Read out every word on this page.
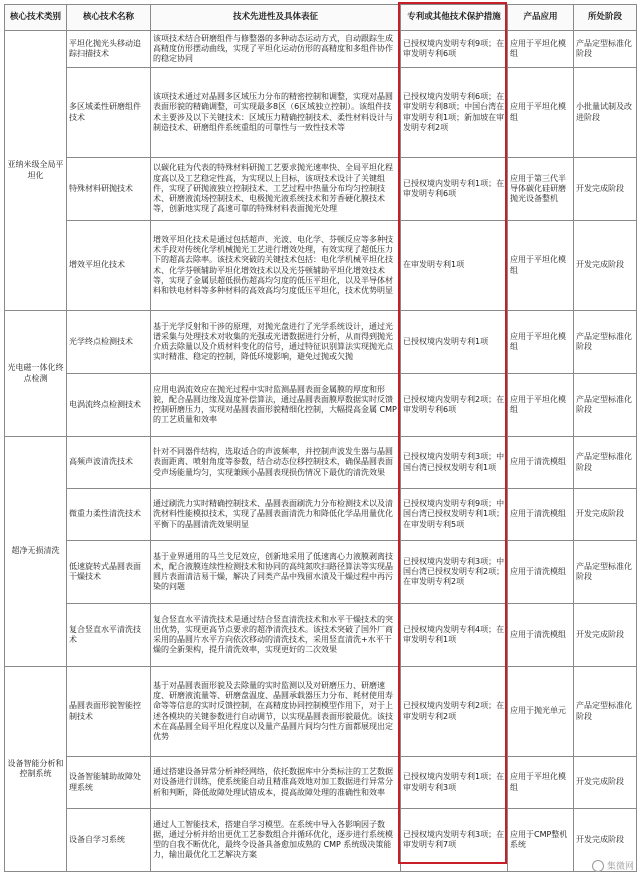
核心技术类别	核心技术名称	技术先进性及具体表征	专利或其他技术保护措施	产品应用	所处阶段
亚纳米级全局平坦化	平坦化抛光头移动追踪扫描技术	该项技术结合研磨组件与修整器的多种动态运动方式，自动跟踪生成高精度仿形摆动曲线，实现了平坦化运动仿形的高精度和多组件协作的稳定协同	已授权境内发明专利9项；在审发明专利6项	应用于平坦化模组	产品定型标准化阶段
	多区域柔性研磨组件技术	该项技术通过对晶圆多区域压力分布的精密控制和调整，实现对晶圆表面形貌的精确调整，可实现最多8区（6区域独立控制）。该组件技术主要涉及以下关键技术：区域压力精确控制技术、柔性材料设计与制造技术、研磨组件系统重组的可靠性与一致性技术等	已授权境内发明专利6项；在审发明专利8项；中国台湾在审发明专利1项；新加坡在审发明专利2项	应用于平坦化模组	小批量试制及改进阶段
	特殊材料研抛技术	以碳化硅为代表的特殊材料研抛工艺要求抛光速率快、全局平坦化程度高以及工艺稳定性高，为实现以上目标，该项技术设计了关键组件，实现了研抛液独立控制技术、工艺过程中热量分布均匀控制技术、研磨液流场控制技术、电极抛光液系统技术和芳香硬化膜技术等，创新地实现了高速可靠的特殊材料表面抛光处理	已授权境内发明专利1项；在审发明专利6项	应用于第三代半导体碳化硅研磨抛光设备整机	开发完成阶段
	增效平坦化技术	增效平坦化技术是通过包括超声、光波、电化学、芬顿反应等多种技术手段对传统化学机械抛光工艺进行增效处理，有效实现了超低压力下的超高去除率。该技术突破的关键技术包括：电化学机械平坦化技术、化学芬顿辅助平坦化增效技术以及光芬顿辅助平坦化增效技术等，实现了金属层超低损伤超高均匀度的低压平坦化，以及半导体材料和铁电材料等多种材料的高效高均匀度低压平坦化，技术优势明显	在审发明专利1项	应用于平坦化模组	开发完成阶段
光电磁一体化终点检测	光学终点检测技术	基于光学反射和干涉的原理，对抛光盘进行了光学系统设计，通过光谱采集与处理技术对收集的光强或光谱数据进行分析，从而得到抛光介质去除量以及介质材料变化的信号，通过特征识别算法实现抛光点实时精准、稳定的控制，降低环境影响，避免过抛或欠抛	已授权境内发明专利1项	应用于平坦化模组	产品定型标准化阶段
	电涡流终点检测技术	应用电涡流效应在抛光过程中实时监测晶圆表面金属膜的厚度和形貌，配合晶圆边缘及温度补偿算法，通过晶圆表面膜厚数据实时反馈控制研磨压力，实现对晶圆表面形貌精细化控制，大幅提高金属 CMP 的工艺质量和效率	已授权境内发明专利2项；在审发明专利6项	应用于平坦化模组	产品定型标准化阶段
超净无损清洗	高频声波清洗技术	针对不同器件结构，选取适合的声波频率，并控制声波发生器与晶圆表面距离、喷射角度等参数，结合动态位移控制技术，确保晶圆表面受声场能量均匀，实现兼顾小晶圆表现损伤情况下最优的清洗效果	已授权境内发明专利3项；中国台湾已授权发明专利1项	应用于清洗模组	产品定型标准化阶段
	微重力柔性清洗技术	通过刷洗力实时精确控制技术、晶圆表面刷洗力分布检测技术以及清洗材料性能模拟技术，实现了晶圆表面清洗力和降低化学品用量优化平衡下的晶圆清洗效果明显	已授权境内发明专利9项；中国台湾已授权发明专利1项；在审发明专利5项	应用于清洗模组	开发完成阶段
	低速旋转式晶圆表面干燥技术	基于业界通用的马兰戈尼效应，创新地采用了低速离心力液膜剥离技术，配合液膜连续性检测技术和协同的高纯氮吹扫路径算法等实现晶圆片表面清洁易干燥，解决了同类产品中残留水渍及干燥过程中再污染的问题	已授权境内发明专利3项；中国台湾已授权发明专利2项；在审发明专利2项	应用于清洗模组	产品定型标准化阶段
	复合竖直水平清洗技术	复合竖直水平清洗技术是通过结合竖直清洗技术和水平干燥技术的突出优势，实现更高节点要求的超净清洗技术。该技术突破了国外厂商采用的晶圆片水平方向依次移动的清洗技术，采用竖直清洗+水平干燥的全新架构，提升清洗效率，实现更好的二次效果	已授权境内发明专利4项；在审发明专利1项	应用于清洗模组	开发完成阶段
设备智能分析和控制系统	晶圆表面形貌智能控制技术	基于对晶圆表面形貌及去除量的实时监测以及对研磨压力、研磨速度、研磨液流量等、研磨盘温度、晶圆承载器压力分布、耗材使用寿命等等信息的实时反馈控制，在高精度协同控制模型作用下，对于上述各模块的关键参数进行自动调节，以实现晶圆表面形貌最优。该技术在高晶圆全局平坦化程度以及量产晶圆片间均匀性方面都展现出定优势	已授权境内发明专利2项；在审发明专利2项	应用于抛光单元	产品定型标准化阶段
	设备智能辅助故障处理系统	通过搭建设备异常分析神经网络，依托数据库中分类标注的工艺数据对设备进行训练，使系统能自动且精准高效地对加工数据进行异常分析和判断，降低故障处理试错成本，提高故障处理的准确性和效率	已授权境内发明专利1项；在审发明专利3项	应用于平坦化模组	开发完成阶段
	设备自学习系统	通过人工智能技术，搭建自学习模型。在系统中导入各影响因子数据，通过分析并给出更优工艺参数组合并循环优化，逐步进行系统模型的自我不断优化，最终令设备具备愈加成熟的 CMP 系统级决策能力，输出最优化工艺解决方案	已授权境内发明专利3项；在审发明专利7项	应用于CMP整机系统	开发完成阶段
集微网
